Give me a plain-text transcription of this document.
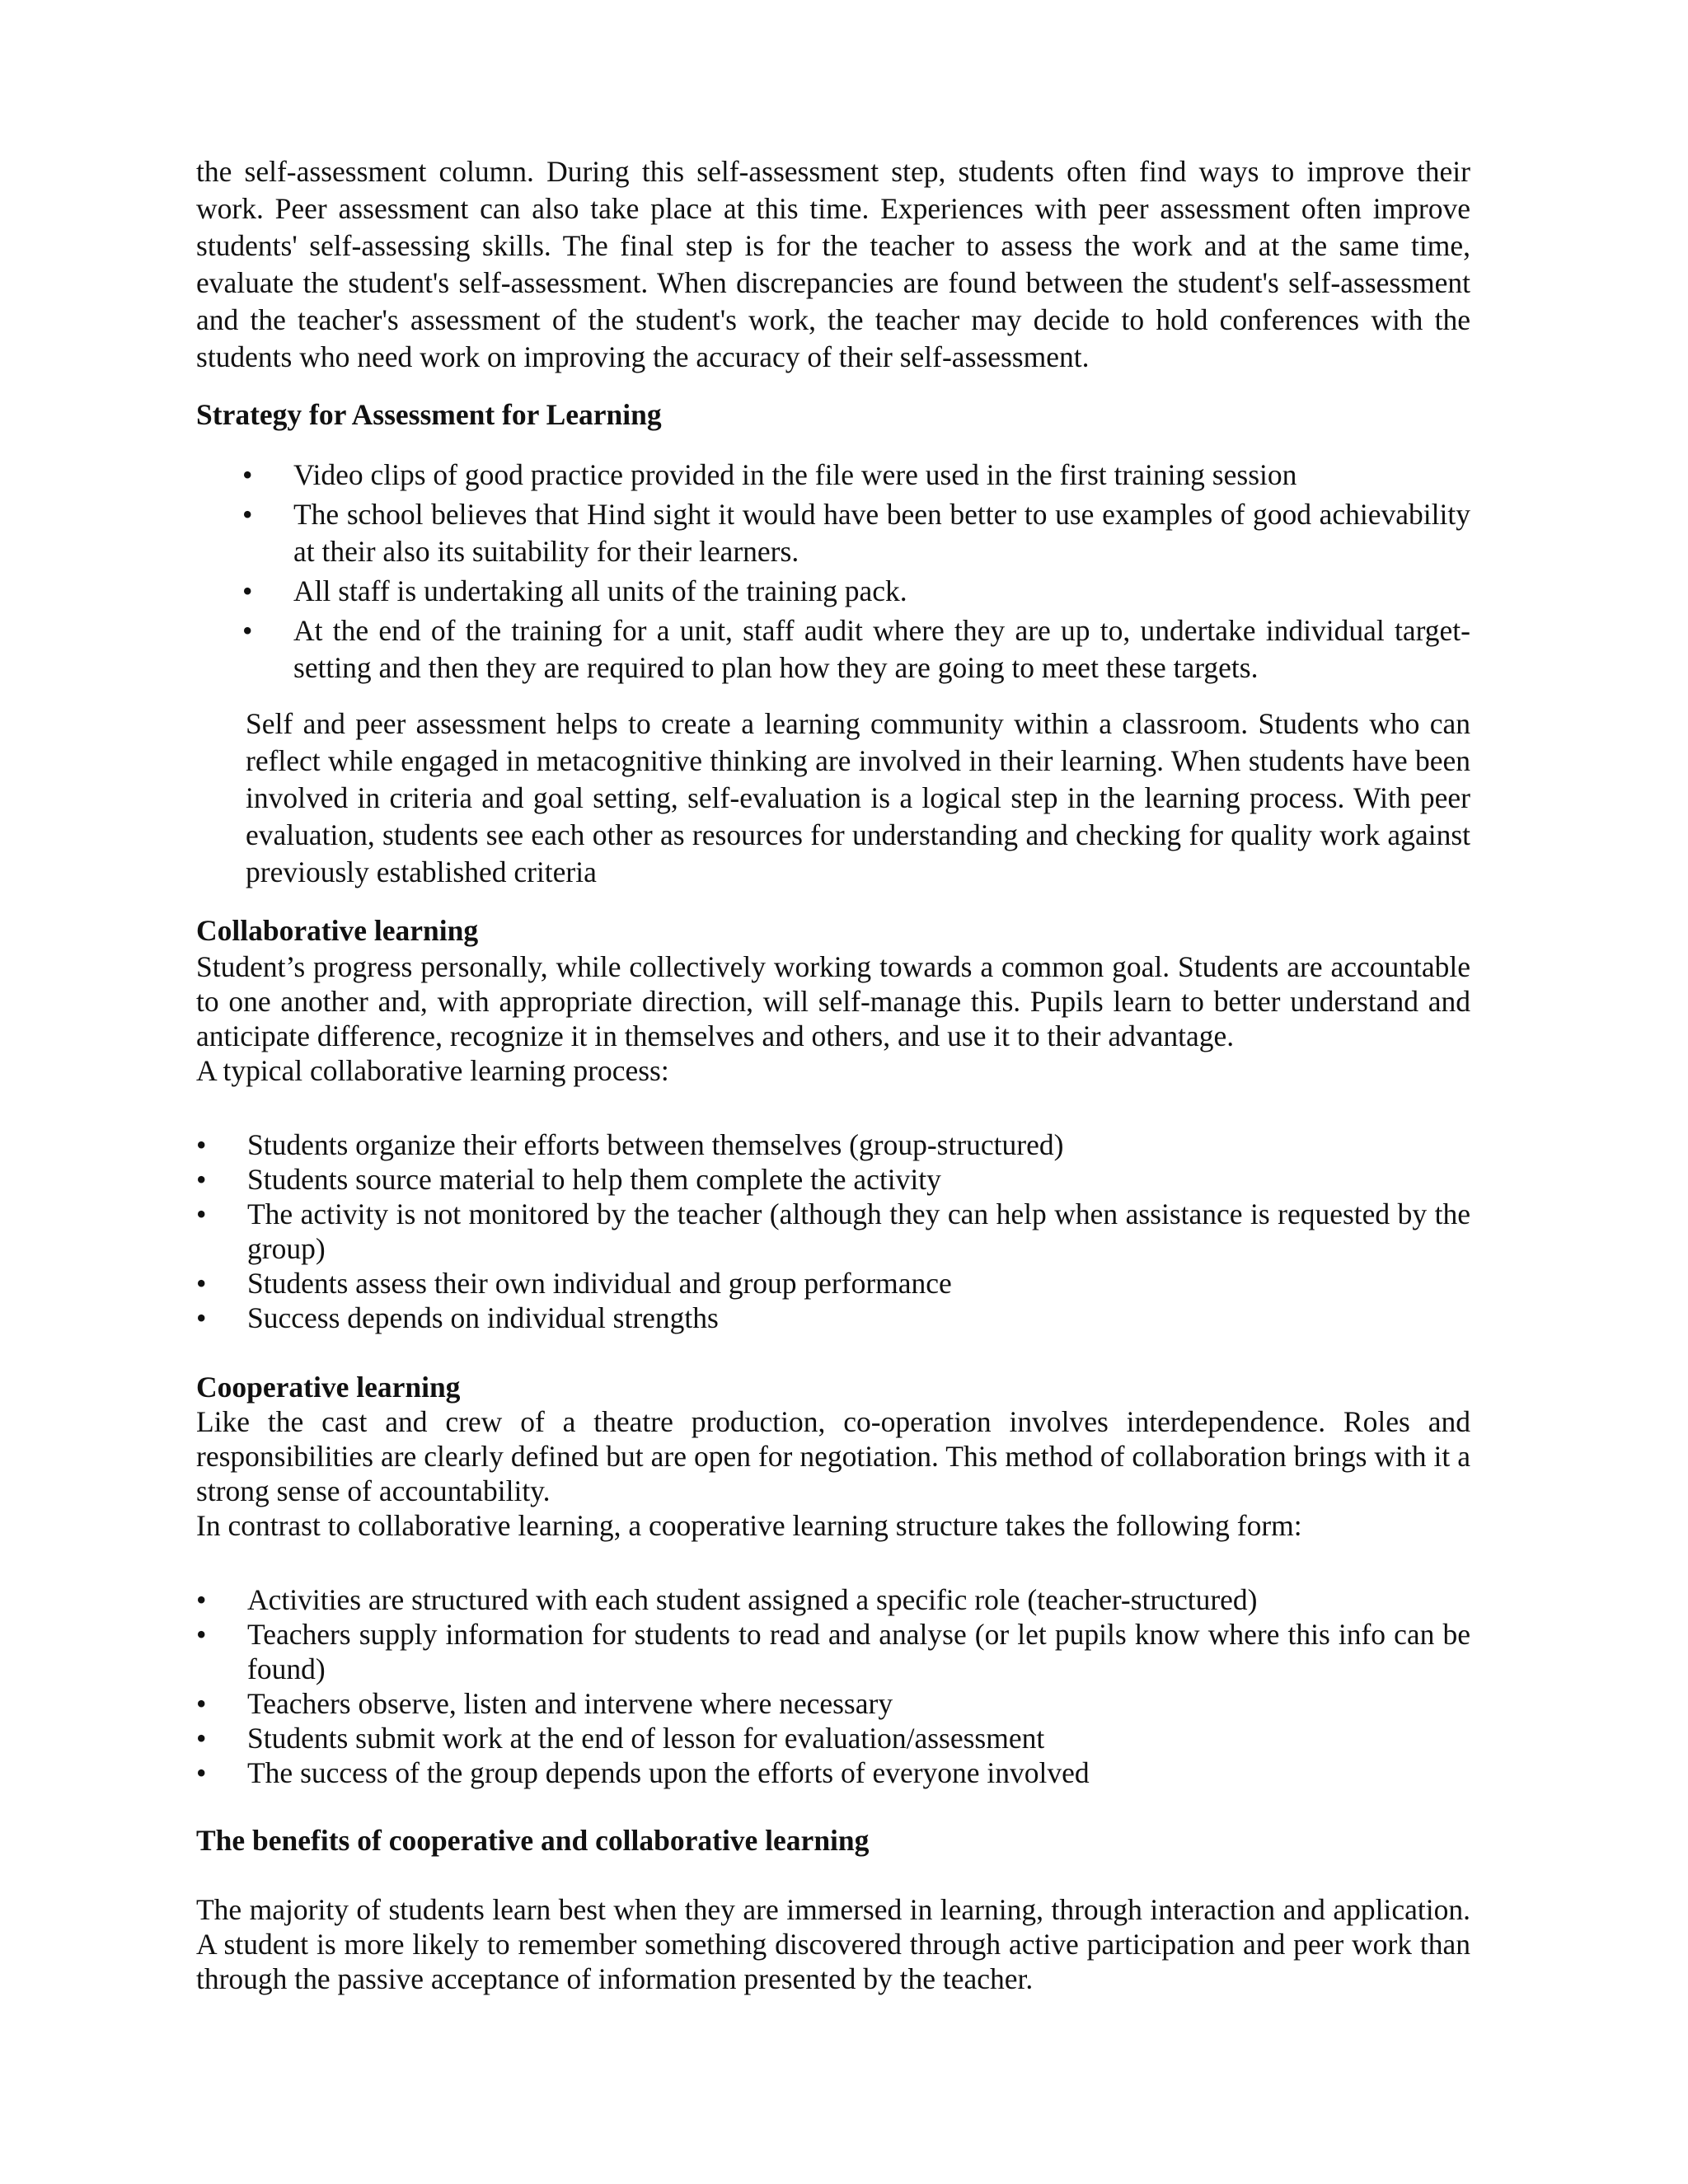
the self-assessment column. During this self-assessment step, students often find ways to improve their work. Peer assessment can also take place at this time. Experiences with peer assessment often improve students' self-assessing skills. The final step is for the teacher to assess the work and at the same time, evaluate the student's self-assessment. When discrepancies are found between the student's self-assessment and the teacher's assessment of the student's work, the teacher may decide to hold conferences with the students who need work on improving the accuracy of their self-assessment.

Strategy for Assessment for Learning

• Video clips of good practice provided in the file were used in the first training session
• The school believes that Hind sight it would have been better to use examples of good achievability at their also its suitability for their learners.
• All staff is undertaking all units of the training pack.
• At the end of the training for a unit, staff audit where they are up to, undertake individual target-setting and then they are required to plan how they are going to meet these targets.

Self and peer assessment helps to create a learning community within a classroom. Students who can reflect while engaged in metacognitive thinking are involved in their learning. When students have been involved in criteria and goal setting, self-evaluation is a logical step in the learning process. With peer evaluation, students see each other as resources for understanding and checking for quality work against previously established criteria

Collaborative learning

Student’s progress personally, while collectively working towards a common goal. Students are accountable to one another and, with appropriate direction, will self-manage this. Pupils learn to better understand and anticipate difference, recognize it in themselves and others, and use it to their advantage.

A typical collaborative learning process:

• Students organize their efforts between themselves (group-structured)
• Students source material to help them complete the activity
• The activity is not monitored by the teacher (although they can help when assistance is requested by the group)
• Students assess their own individual and group performance
• Success depends on individual strengths

Cooperative learning

Like the cast and crew of a theatre production, co-operation involves interdependence. Roles and responsibilities are clearly defined but are open for negotiation. This method of collaboration brings with it a strong sense of accountability.

In contrast to collaborative learning, a cooperative learning structure takes the following form:

• Activities are structured with each student assigned a specific role (teacher-structured)
• Teachers supply information for students to read and analyse (or let pupils know where this info can be found)
• Teachers observe, listen and intervene where necessary
• Students submit work at the end of lesson for evaluation/assessment
• The success of the group depends upon the efforts of everyone involved

The benefits of cooperative and collaborative learning

The majority of students learn best when they are immersed in learning, through interaction and application. A student is more likely to remember something discovered through active participation and peer work than through the passive acceptance of information presented by the teacher.
